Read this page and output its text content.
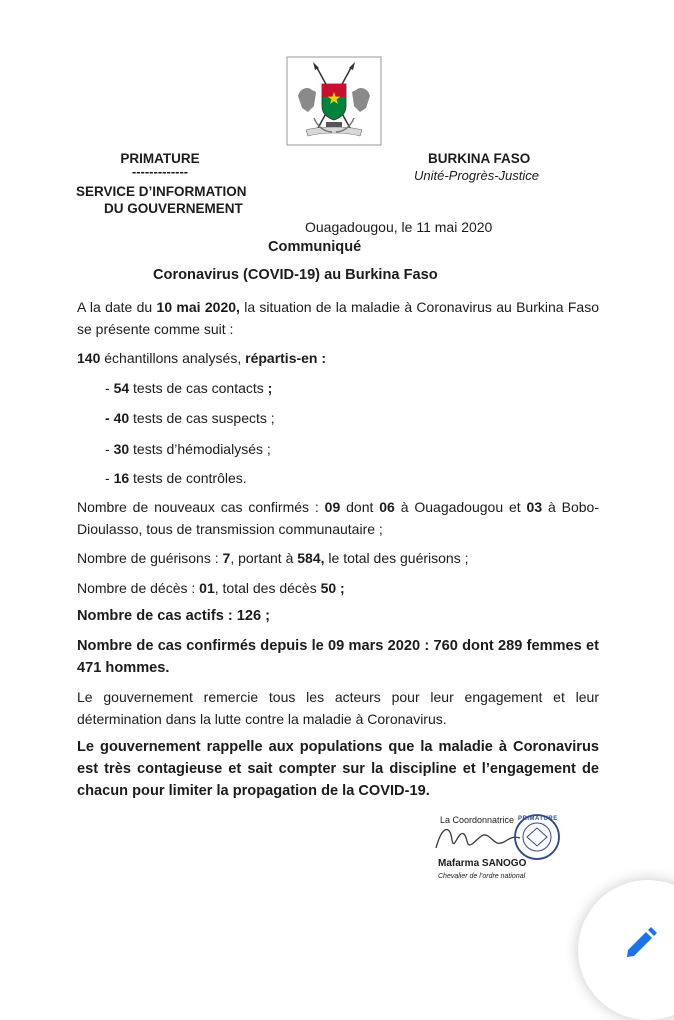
PRIMATURE
-------------
SERVICE D’INFORMATION
DU GOUVERNEMENT
BURKINA FASO
Unité-Progrès-Justice
Ouagadougou, le 11 mai 2020
Communiqué
Coronavirus (COVID-19) au Burkina Faso
A la date du 10 mai 2020, la situation de la maladie à Coronavirus au Burkina Faso se présente comme suit :
140 échantillons analysés, répartis-en :
- 54 tests de cas contacts ;
- 40 tests de cas suspects ;
- 30 tests d’hémodialysés ;
- 16 tests de contrôles.
Nombre de nouveaux cas confirmés : 09 dont 06 à Ouagadougou et 03 à Bobo-Dioulasso, tous de transmission communautaire ;
Nombre de guérisons : 7, portant à 584, le total des guérisons ;
Nombre de décès : 01, total des décès 50 ;
Nombre de cas actifs : 126 ;
Nombre de cas confirmés depuis le 09 mars 2020 : 760 dont 289 femmes et 471 hommes.
Le gouvernement remercie tous les acteurs pour leur engagement et leur détermination dans la lutte contre la maladie à Coronavirus.
Le gouvernement rappelle aux populations que la maladie à Coronavirus est très contagieuse et sait compter sur la discipline et l’engagement de chacun pour limiter la propagation de la COVID-19.
La Coordonnatrice PRIMATURE
Mafarma SANOGO
Chevalier de l’ordre national
